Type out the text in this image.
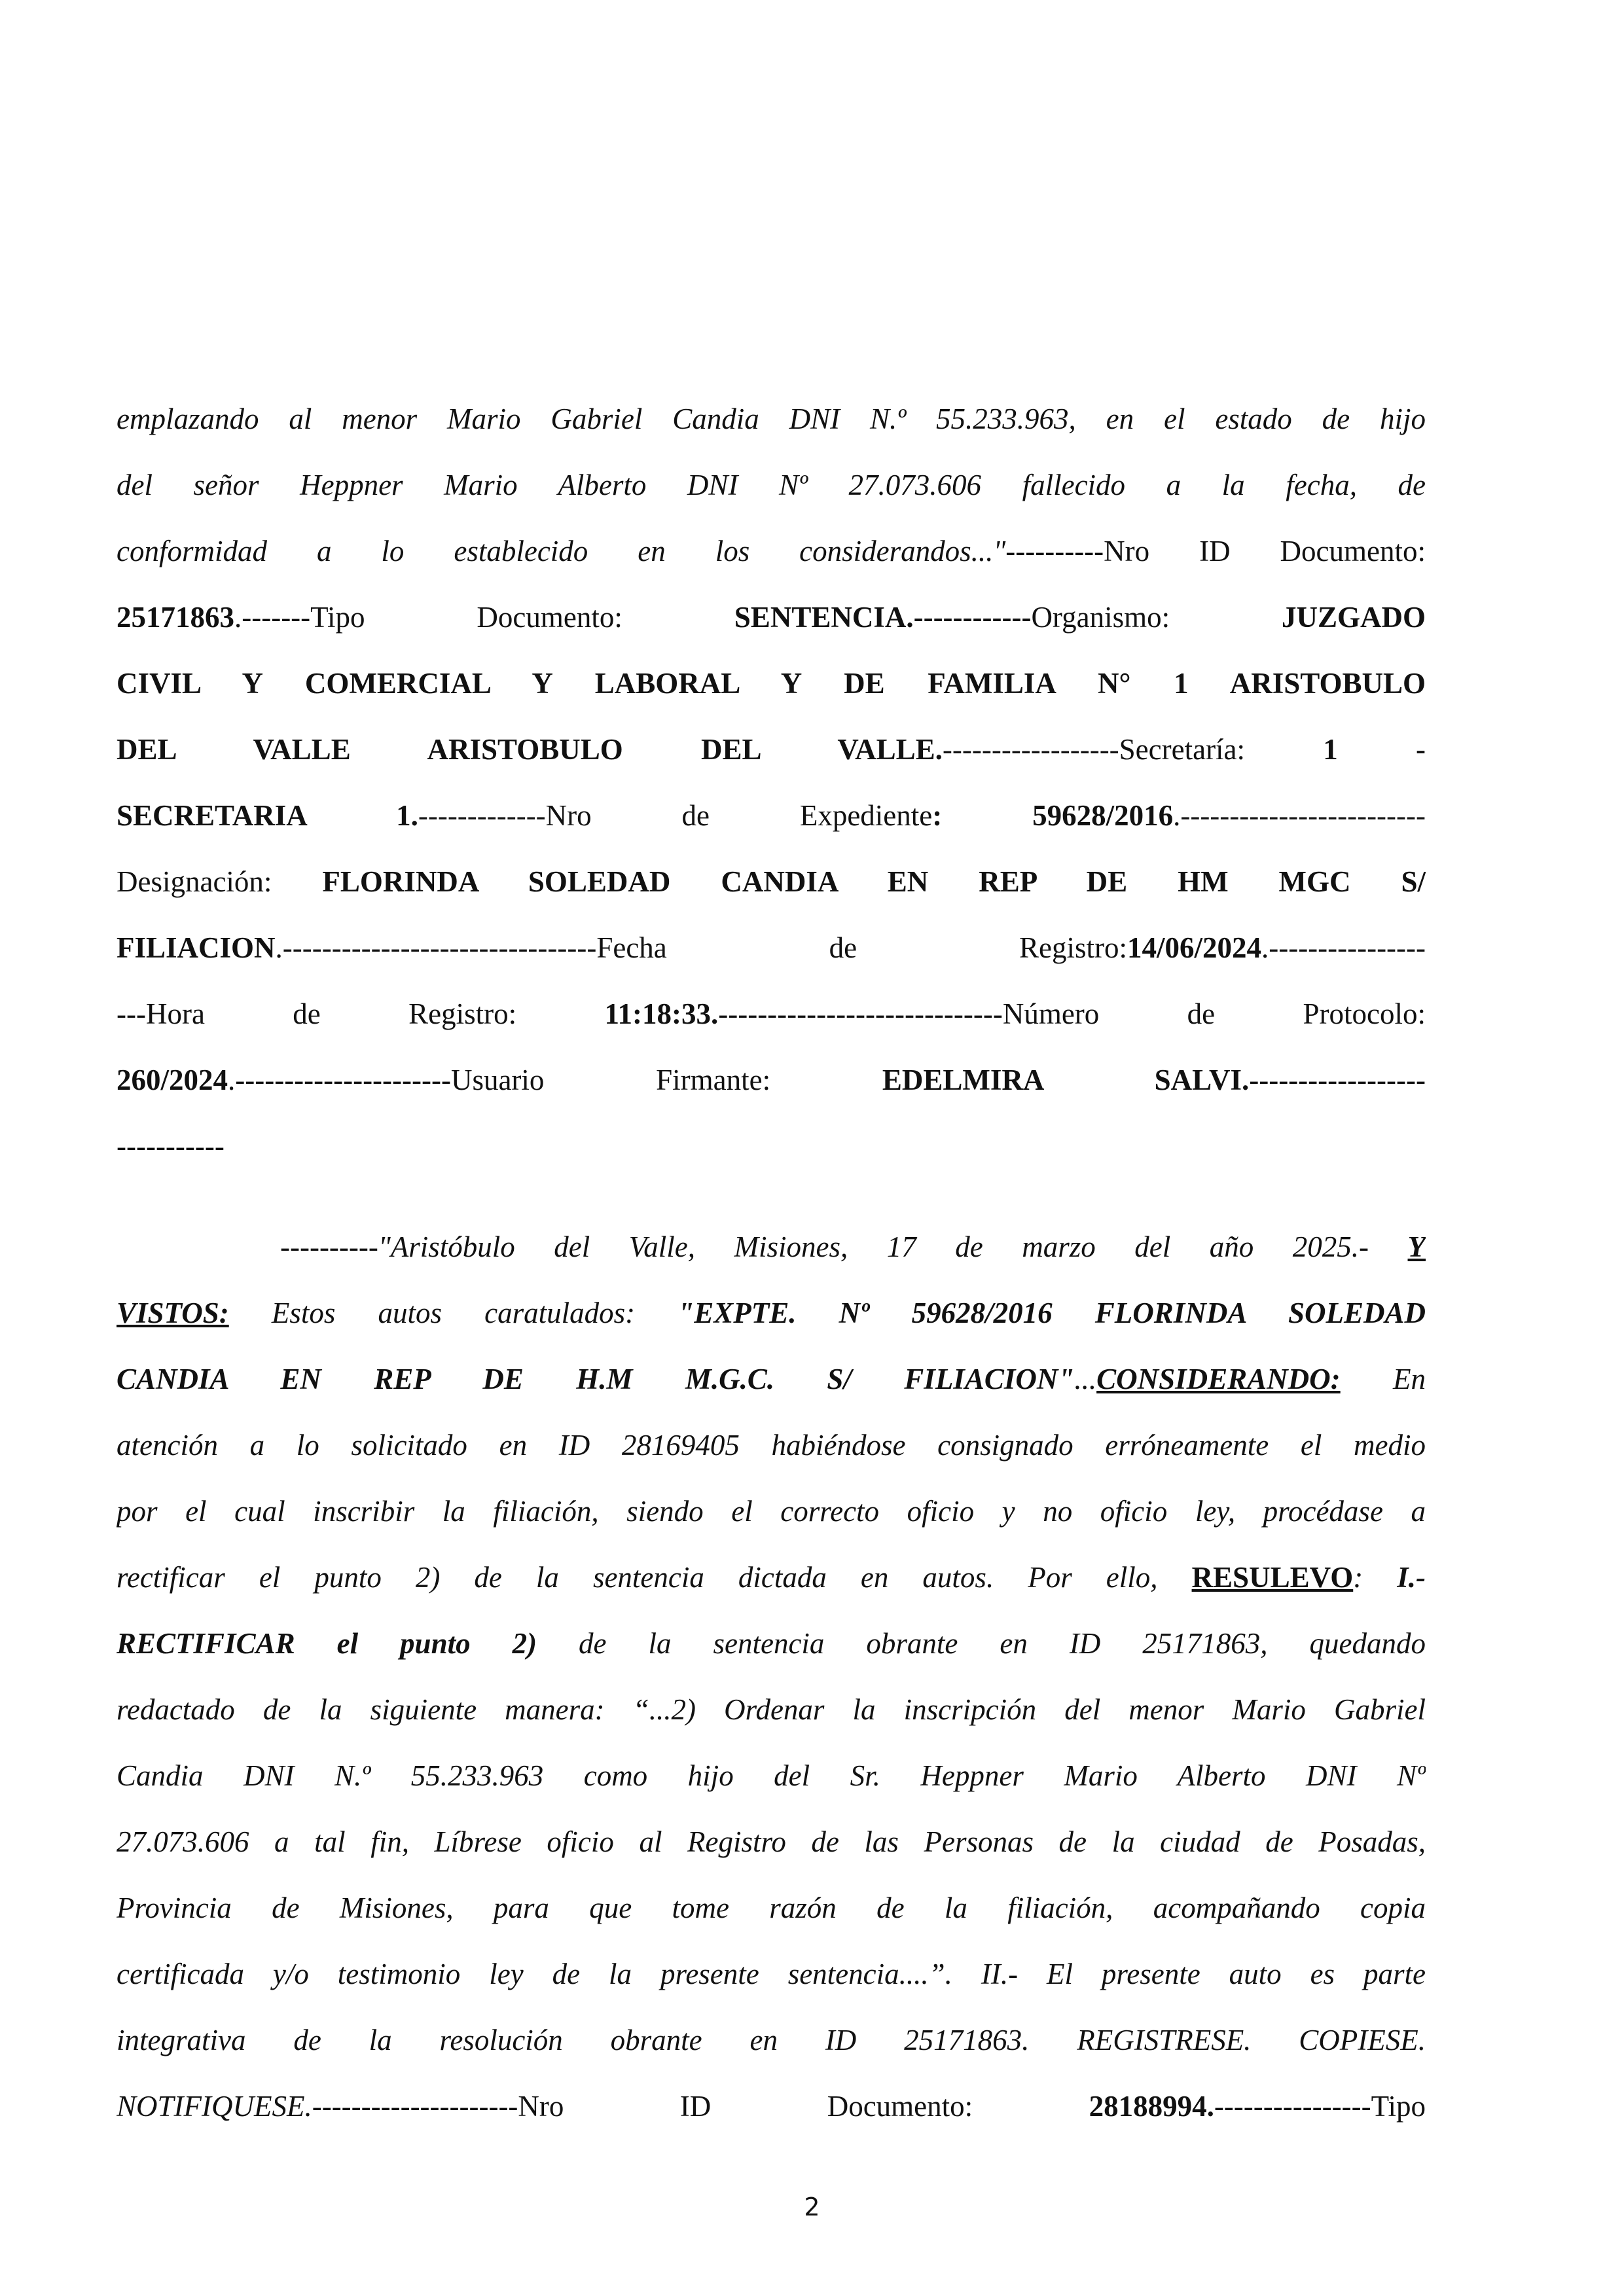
emplazando al menor Mario Gabriel Candia DNI N.º 55.233.963, en el estado de hijo
del señor Heppner Mario Alberto DNI Nº 27.073.606 fallecido a la fecha, de
conformidad a lo establecido en los considerandos..."----------Nro ID Documento:
25171863.-------Tipo Documento: SENTENCIA.------------Organismo: JUZGADO
CIVIL Y COMERCIAL Y LABORAL Y DE FAMILIA N° 1 ARISTOBULO
DEL VALLE ARISTOBULO DEL VALLE.------------------Secretaría: 1 -
SECRETARIA 1.-------------Nro de Expediente: 59628/2016.-------------------------
Designación: FLORINDA SOLEDAD CANDIA EN REP DE HM MGC S/
FILIACION.--------------------------------Fecha de Registro:14/06/2024.----------------
---Hora de Registro: 11:18:33.-----------------------------Número de Protocolo:
260/2024.----------------------Usuario Firmante: EDELMIRA SALVI.------------------
-----------
----------"Aristóbulo del Valle, Misiones, 17 de marzo del año 2025.- Y
VISTOS: Estos autos caratulados: "EXPTE. Nº 59628/2016 FLORINDA SOLEDAD
CANDIA EN REP DE H.M M.G.C. S/ FILIACION"...CONSIDERANDO: En
atención a lo solicitado en ID 28169405 habiéndose consignado erróneamente el medio
por el cual inscribir la filiación, siendo el correcto oficio y no oficio ley, procédase a
rectificar el punto 2) de la sentencia dictada en autos. Por ello, RESULEVO: I.-
RECTIFICAR el punto 2) de la sentencia obrante en ID 25171863, quedando
redactado de la siguiente manera: “...2) Ordenar la inscripción del menor Mario Gabriel
Candia DNI N.º 55.233.963 como hijo del Sr. Heppner Mario Alberto DNI Nº
27.073.606 a tal fin, Líbrese oficio al Registro de las Personas de la ciudad de Posadas,
Provincia de Misiones, para que tome razón de la filiación, acompañando copia
certificada y/o testimonio ley de la presente sentencia....”. II.- El presente auto es parte
integrativa de la resolución obrante en ID 25171863. REGISTRESE. COPIESE.
NOTIFIQUESE.---------------------Nro ID Documento: 28188994.----------------Tipo
2
